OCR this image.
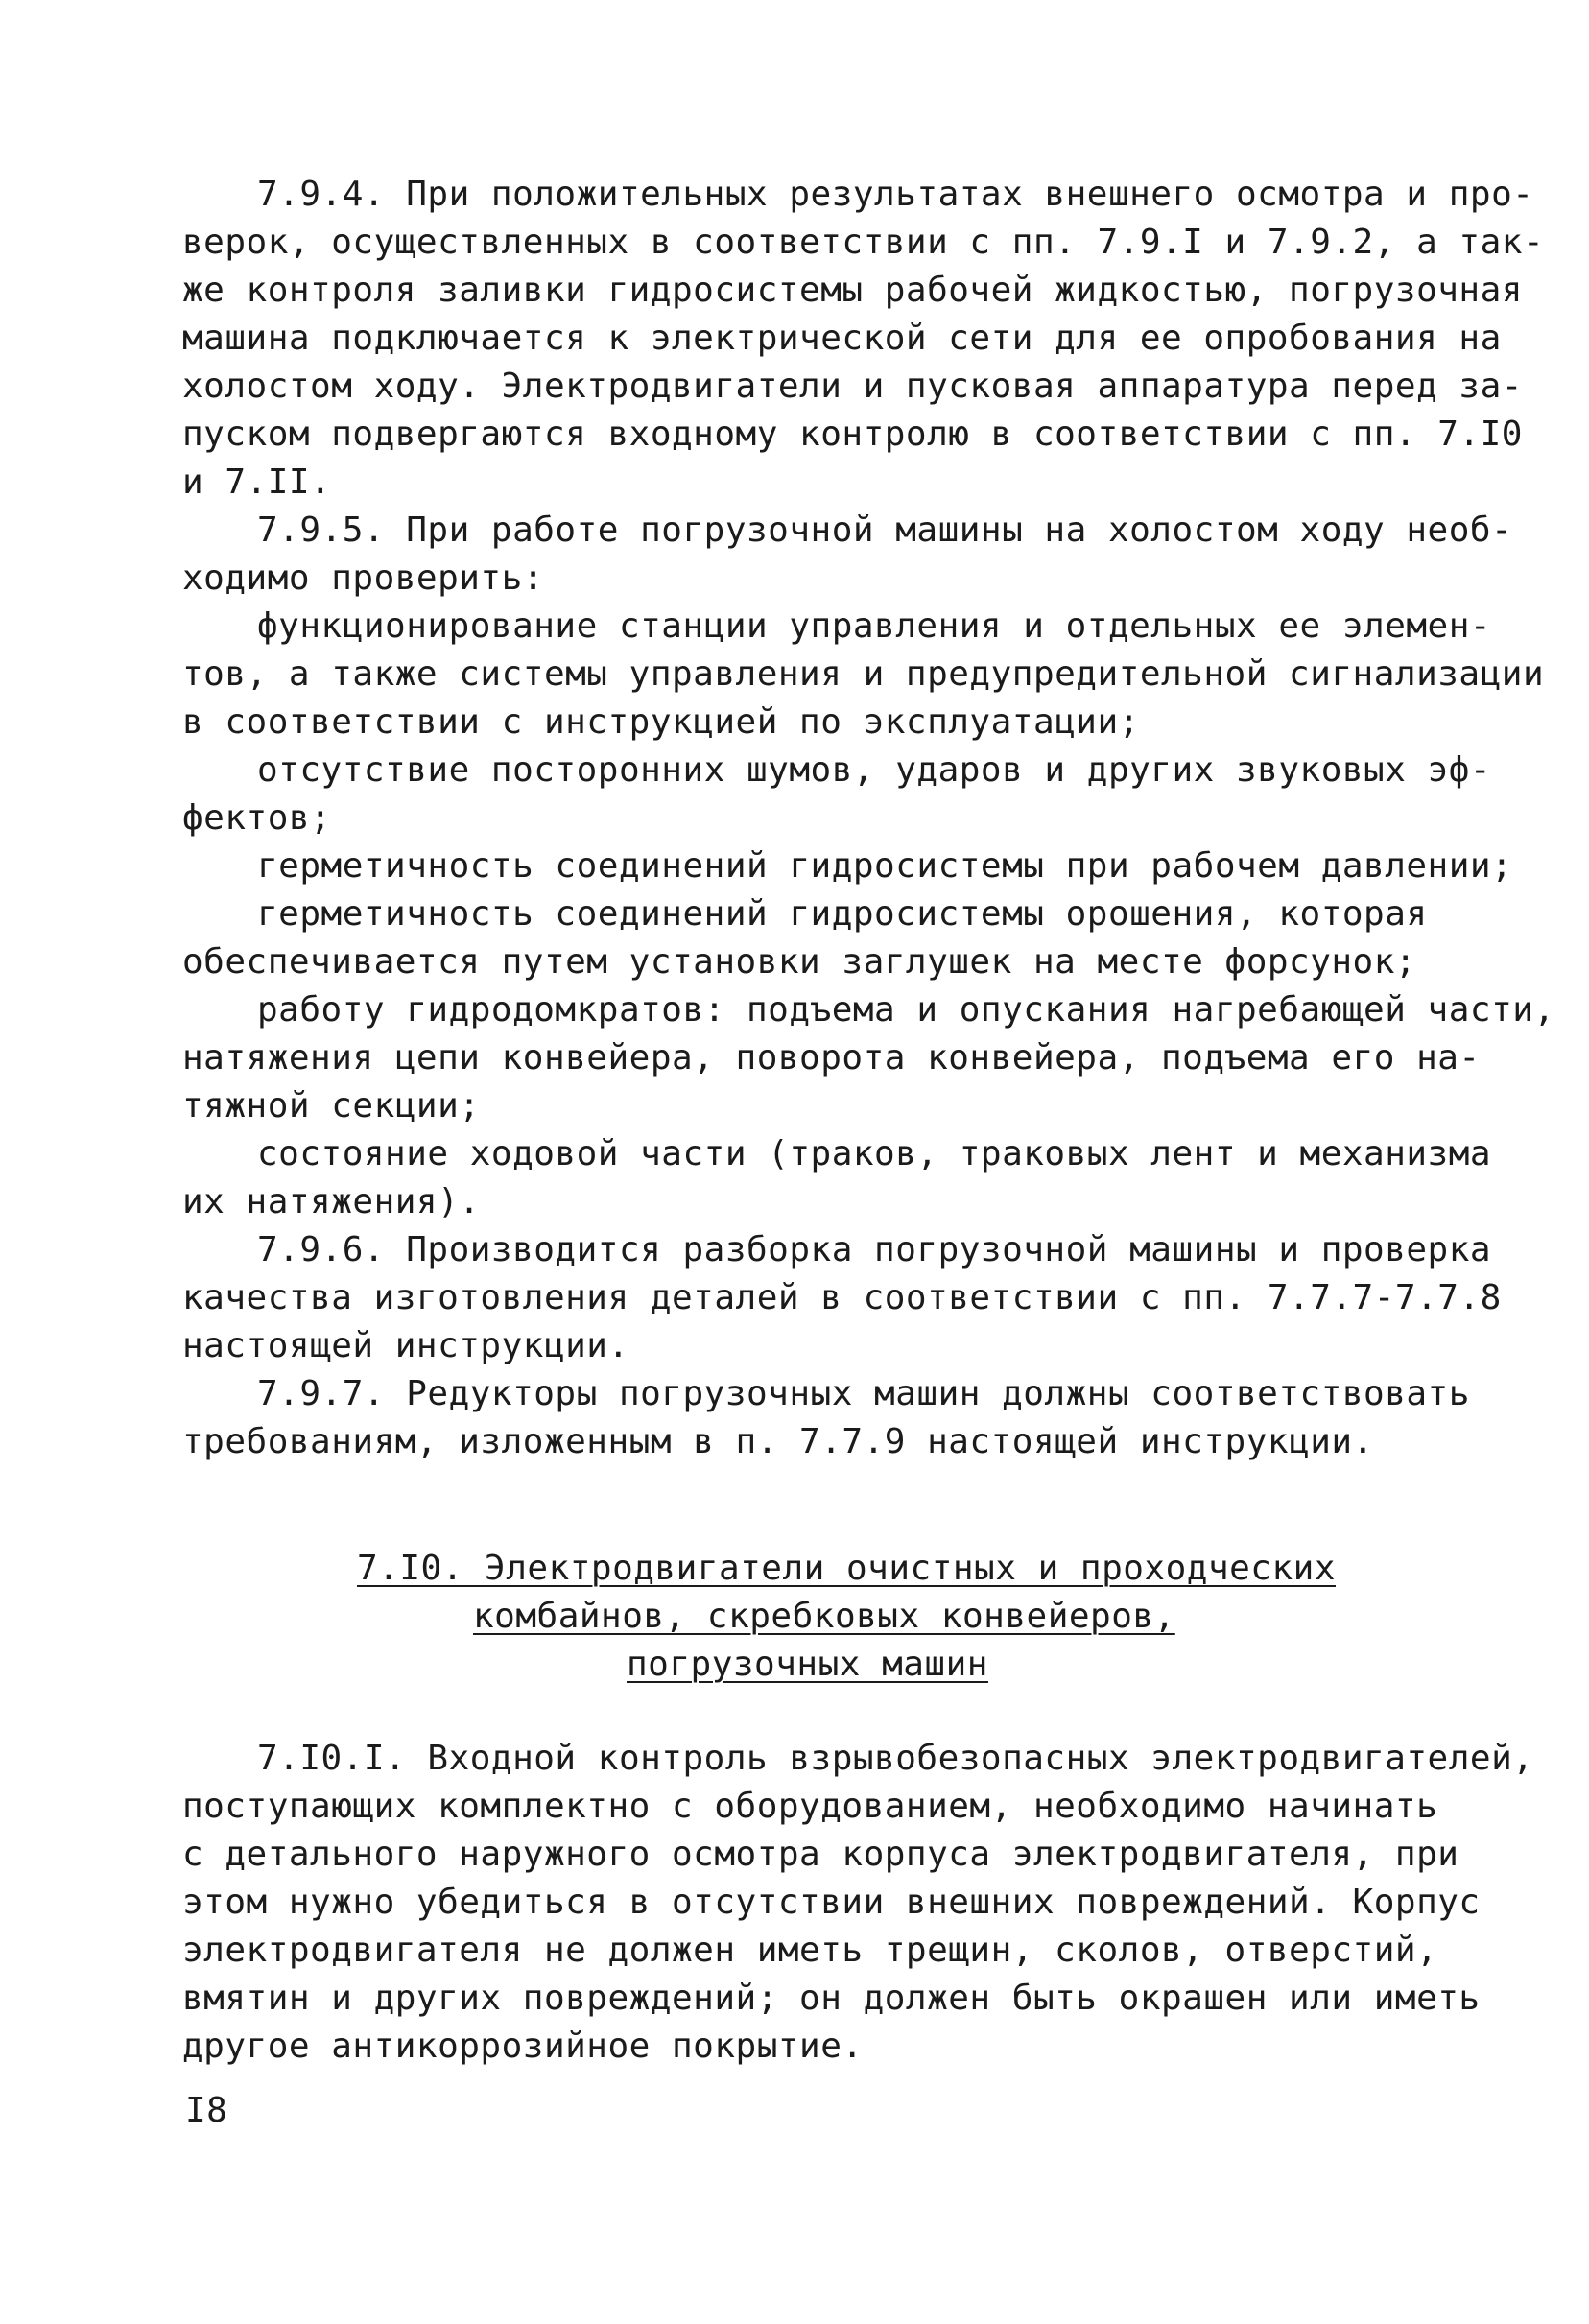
7.9.4. При положительных результатах внешнего осмотра и про-
верок, осуществленных в соответствии с пп. 7.9.I и 7.9.2, а так-
же контроля заливки гидросистемы рабочей жидкостью, погрузочная
машина подключается к электрической сети для ее опробования на
холостом ходу. Электродвигатели и пусковая аппаратура перед за-
пуском подвергаются входному контролю в соответствии с пп. 7.I0
и 7.II.
7.9.5. При работе погрузочной машины на холостом ходу необ-
ходимо проверить:
функционирование станции управления и отдельных ее элемен-
тов, а также системы управления и предупредительной сигнализации
в соответствии с инструкцией по эксплуатации;
отсутствие посторонних шумов, ударов и других звуковых эф-
фектов;
герметичность соединений гидросистемы при рабочем давлении;
герметичность соединений гидросистемы орошения, которая
обеспечивается путем установки заглушек на месте форсунок;
работу гидродомкратов: подъема и опускания нагребающей части,
натяжения цепи конвейера, поворота конвейера, подъема его на-
тяжной секции;
состояние ходовой части (траков, траковых лент и механизма
их натяжения).
7.9.6. Производится разборка погрузочной машины и проверка
качества изготовления деталей в соответствии с пп. 7.7.7-7.7.8
настоящей инструкции.
7.9.7. Редукторы погрузочных машин должны соответствовать
требованиям, изложенным в п. 7.7.9 настоящей инструкции.
7.I0. Электродвигатели очистных и проходческих
комбайнов, скребковых конвейеров,
погрузочных машин
7.I0.I. Входной контроль взрывобезопасных электродвигателей,
поступающих комплектно с оборудованием, необходимо начинать
с детального наружного осмотра корпуса электродвигателя, при
этом нужно убедиться в отсутствии внешних повреждений. Корпус
электродвигателя не должен иметь трещин, сколов, отверстий,
вмятин и других повреждений; он должен быть окрашен или иметь
другое антикоррозийное покрытие.
I8
